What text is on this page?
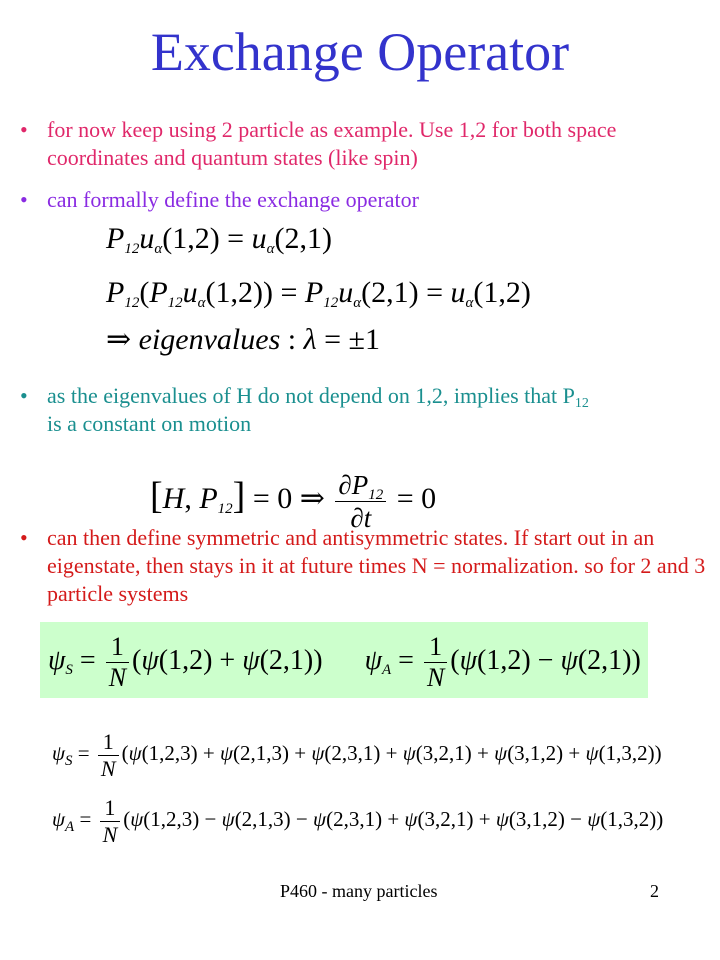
Exchange Operator
• for now keep using 2 particle as example. Use 1,2 for both space coordinates and quantum states (like spin)
• can formally define the exchange operator
$P_{12}u_\alpha(1,2) = u_\alpha(2,1)$
$P_{12}(P_{12}u_\alpha(1,2)) = P_{12}u_\alpha(2,1) = u_\alpha(1,2)$
⇒ eigenvalues : λ = ±1
• as the eigenvalues of H do not depend on 1,2, implies that $P_{12}$
is a constant on motion
[H, $P_{12}] = 0$ ⇒ $\frac{\partial P_{12}}{\partial t} = 0$
• can then define symmetric and antisymmetric states. If start out in an eigenstate, then stays in it at future times N = normalization. so for 2 and 3 particle systems
$\psi_S = \frac{1}{N} (\psi(1,2) + \psi(2,1)) \psi_A = \frac{1}{N} (\psi(1,2) - \psi(2,1))$
$\psi_S = \frac{1}{N} (\psi(1,2,3) + \psi(2,1,3) + \psi(2,3,1) + \psi(3,2,1) + \psi(3,1,2) + \psi(1,3,2))$
$\psi_A = \frac{1}{N} (\psi(1,2,3) - \psi(2,1,3) - \psi(2,3,1) + \psi(3,2,1) + \psi(3,1,2) - \psi(1,3,2))$
P460 - many particles	2
